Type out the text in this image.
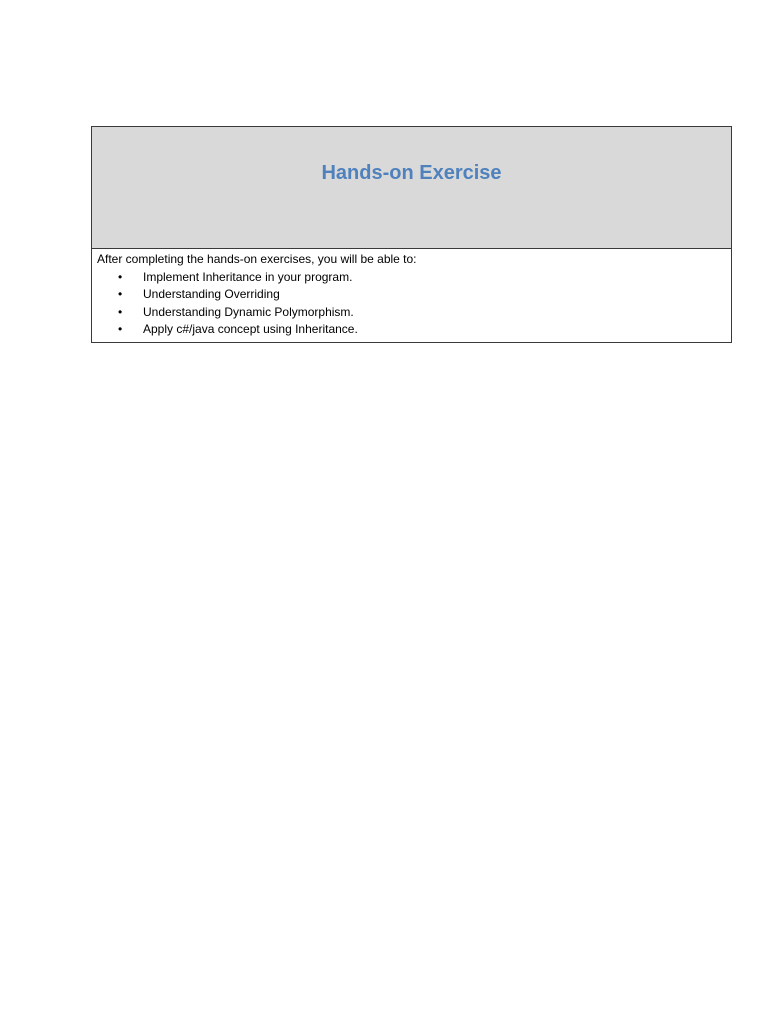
Hands-on Exercise

After completing the hands-on exercises, you will be able to:

• Implement Inheritance in your program.
• Understanding Overriding
• Understanding Dynamic Polymorphism.
• Apply c#/java concept using Inheritance.
